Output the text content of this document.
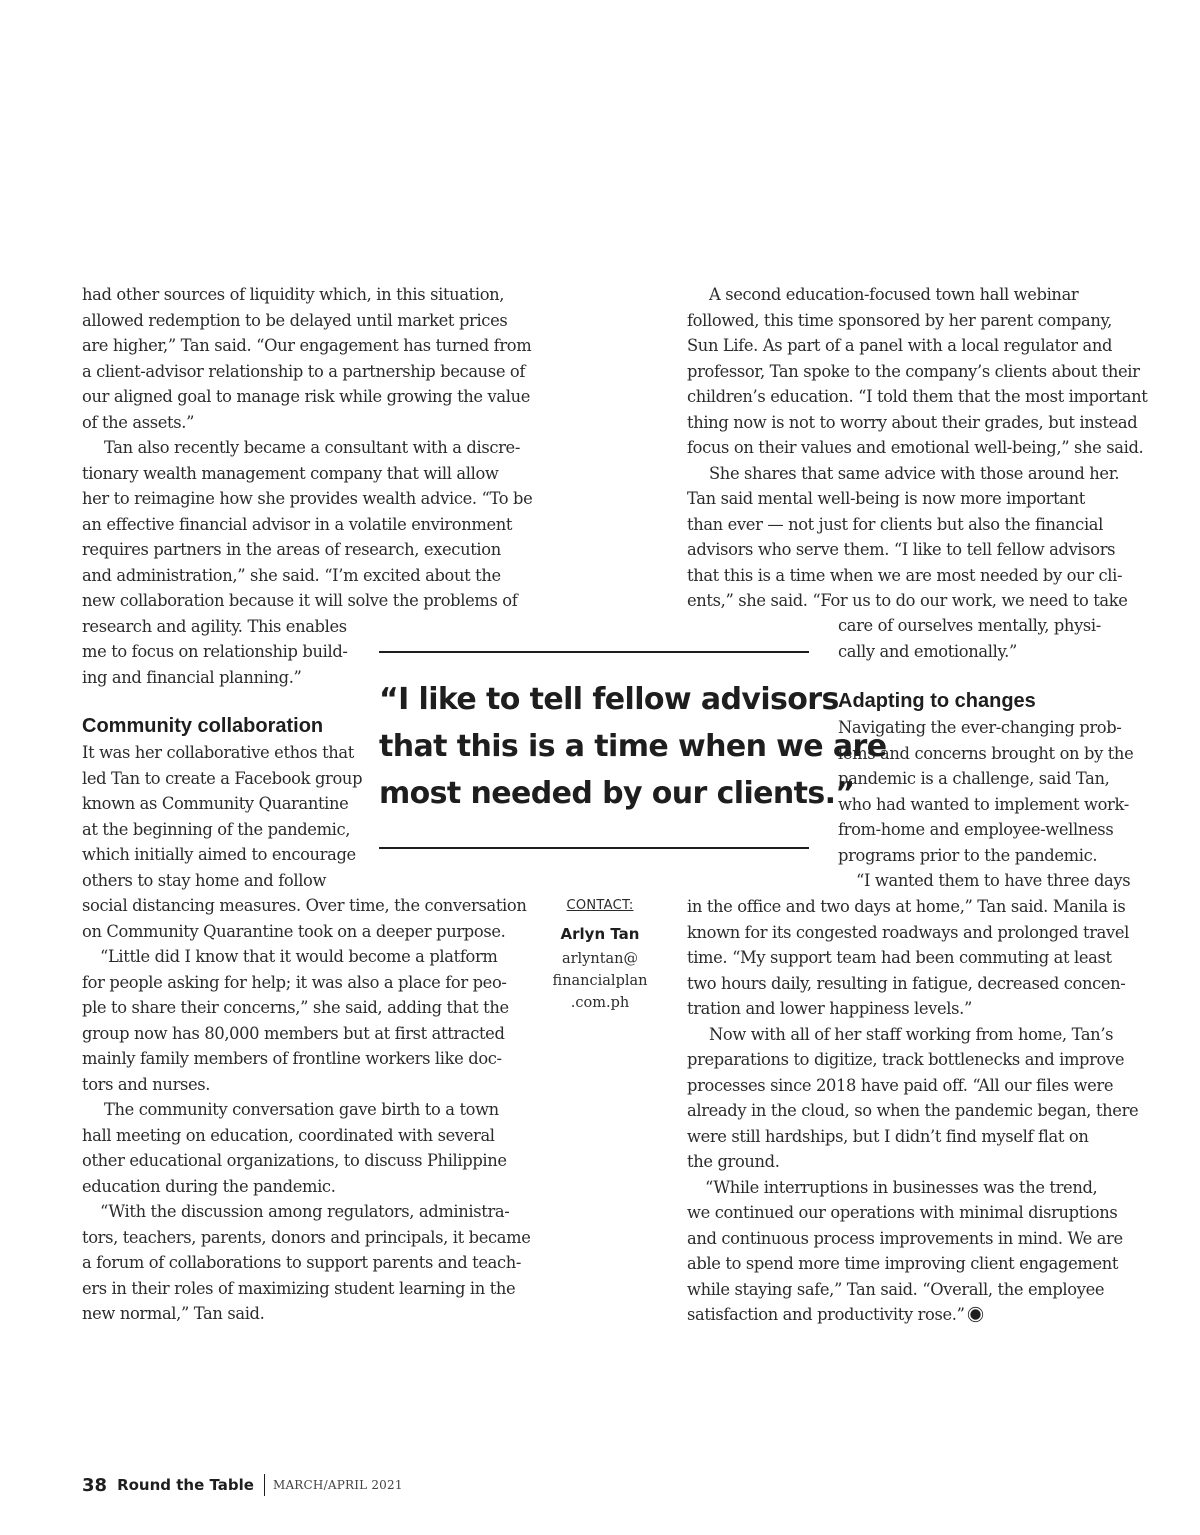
had other sources of liquidity which, in this situation,

allowed redemption to be delayed until market prices

are higher,” Tan said. “Our engagement has turned from

a client-advisor relationship to a partnership because of

our aligned goal to manage risk while growing the value

of the assets.”

Tan also recently became a consultant with a discre-

tionary wealth management company that will allow

her to reimagine how she provides wealth advice. “To be

an effective financial advisor in a volatile environment

requires partners in the areas of research, execution

and administration,” she said. “I’m excited about the

new collaboration because it will solve the problems of

research and agility. This enables

me to focus on relationship build-

ing and financial planning.”

Community collaboration

It was her collaborative ethos that

led Tan to create a Facebook group

known as Community Quarantine

at the beginning of the pandemic,

which initially aimed to encourage

others to stay home and follow

social distancing measures. Over time, the conversation

on Community Quarantine took on a deeper purpose.

“Little did I know that it would become a platform

for people asking for help; it was also a place for peo-

ple to share their concerns,” she said, adding that the

group now has 80,000 members but at first attracted

mainly family members of frontline workers like doc-

tors and nurses.

The community conversation gave birth to a town

hall meeting on education, coordinated with several

other educational organizations, to discuss Philippine

education during the pandemic.

“With the discussion among regulators, administra-

tors, teachers, parents, donors and principals, it became

a forum of collaborations to support parents and teach-

ers in their roles of maximizing student learning in the

new normal,” Tan said.

A second education-focused town hall webinar

followed, this time sponsored by her parent company,

Sun Life. As part of a panel with a local regulator and

professor, Tan spoke to the company’s clients about their

children’s education. “I told them that the most important

thing now is not to worry about their grades, but instead

focus on their values and emotional well-being,” she said.

She shares that same advice with those around her.

Tan said mental well-being is now more important

than ever — not just for clients but also the financial

advisors who serve them. “I like to tell fellow advisors

that this is a time when we are most needed by our cli-

ents,” she said. “For us to do our work, we need to take

care of ourselves mentally, physi-

cally and emotionally.”

Adapting to changes

Navigating the ever-changing prob-

lems and concerns brought on by the

pandemic is a challenge, said Tan,

who had wanted to implement work-

from-home and employee-wellness

programs prior to the pandemic.

“I wanted them to have three days

in the office and two days at home,” Tan said. Manila is

known for its congested roadways and prolonged travel

time. “My support team had been commuting at least

two hours daily, resulting in fatigue, decreased concen-

tration and lower happiness levels.”

Now with all of her staff working from home, Tan’s

preparations to digitize, track bottlenecks and improve

processes since 2018 have paid off. “All our files were

already in the cloud, so when the pandemic began, there

were still hardships, but I didn’t find myself flat on

the ground.

“While interruptions in businesses was the trend,

we continued our operations with minimal disruptions

and continuous process improvements in mind. We are

able to spend more time improving client engagement

while staying safe,” Tan said. “Overall, the employee

satisfaction and productivity rose.”

“I like to tell fellow advisors
that this is a time when we are
most needed by our clients.”
CONTACT:
Arlyn Tan
arlyntan@
financialplan
.com.ph
38 Round the Table MARCH/APRIL 2021
